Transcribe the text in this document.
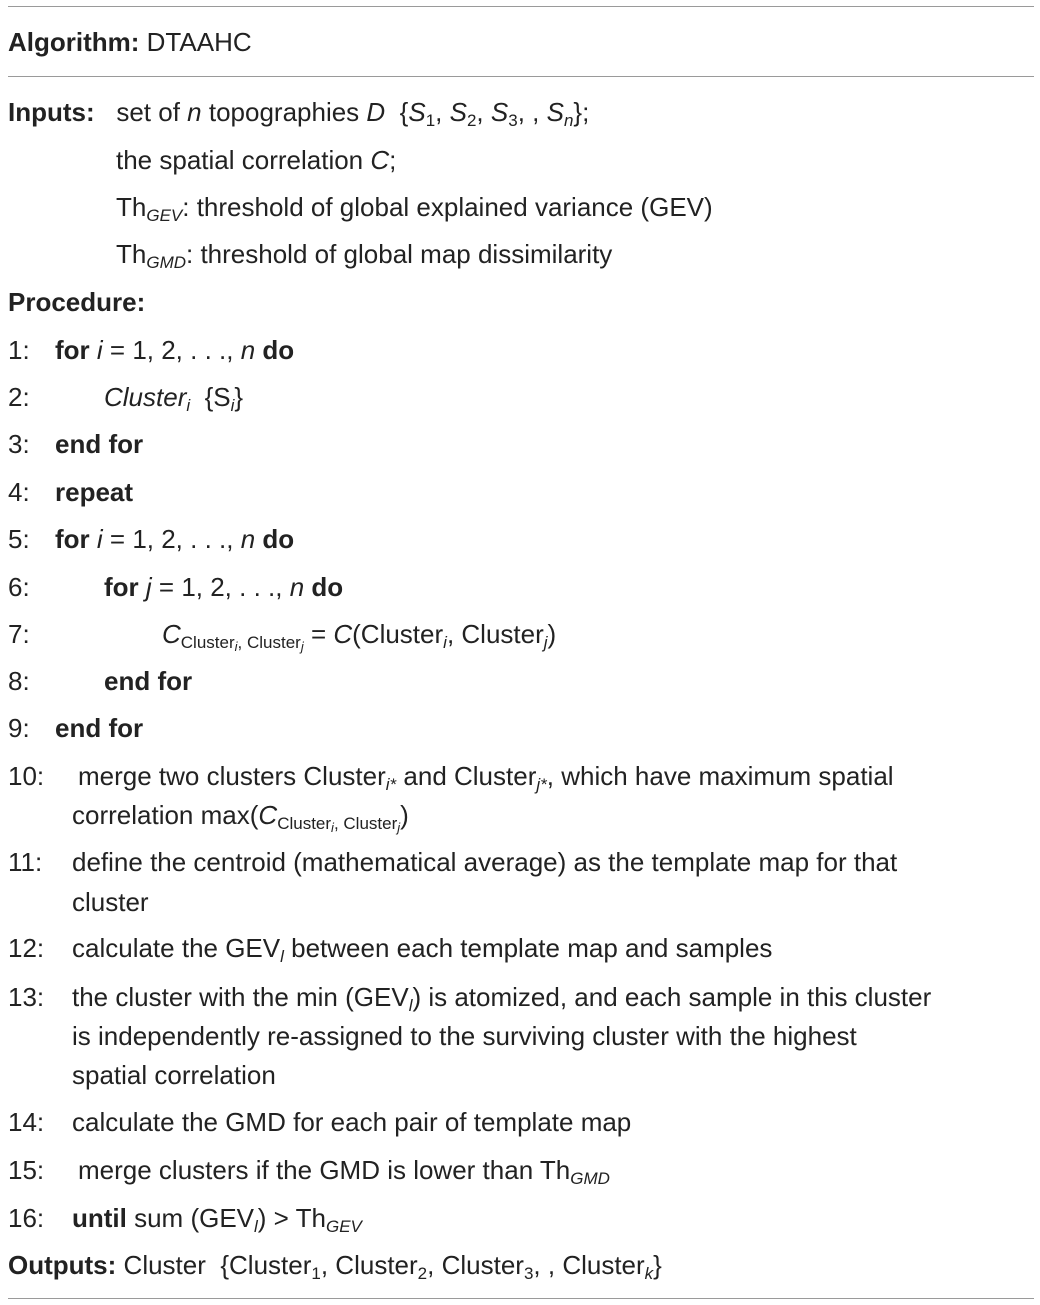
Algorithm: DTAAHC
Inputs: set of n topographies D  {$S_1$, $S_2$, $S_3$, , $S_n$};
the spatial correlation C;
$Th_{GEV}$: threshold of global explained variance (GEV)
$Th_{GMD}$: threshold of global map dissimilarity
Procedure:
1: for i = 1, 2, . . ., n do
2:	Cluster$_i$  $\{S_i\}$
3: end for
4: repeat
5: for i = 1, 2, . . ., n do
6:	for j = 1, 2, . . ., n do
7:	$C_{Cluster_i, Cluster_j}$ = C(Cluster$_i$, Cluster$_j$)
8:	end for
9: end for
10: merge two clusters Cluster$_{i*}$ and Cluster$_{j*}$, which have maximum spatial
correlation $\max(C_{Cluster_i, Cluster_j})$
11: define the centroid (mathematical average) as the template map for that
cluster
12: calculate the $GEV_l$ between each template map and samples
13: the cluster with the $\min (GEV_l)$ is atomized, and each sample in this cluster
is independently re-assigned to the surviving cluster with the highest
spatial correlation
14: calculate the GMD for each pair of template map
15: merge clusters if the GMD is lower than $Th_{GMD}$
16: until sum $(GEV_l) > Th_{GEV}$
Outputs: Cluster  {Cluster$_1$, Cluster$_2$, Cluster$_3$, , Cluster$_k$}
